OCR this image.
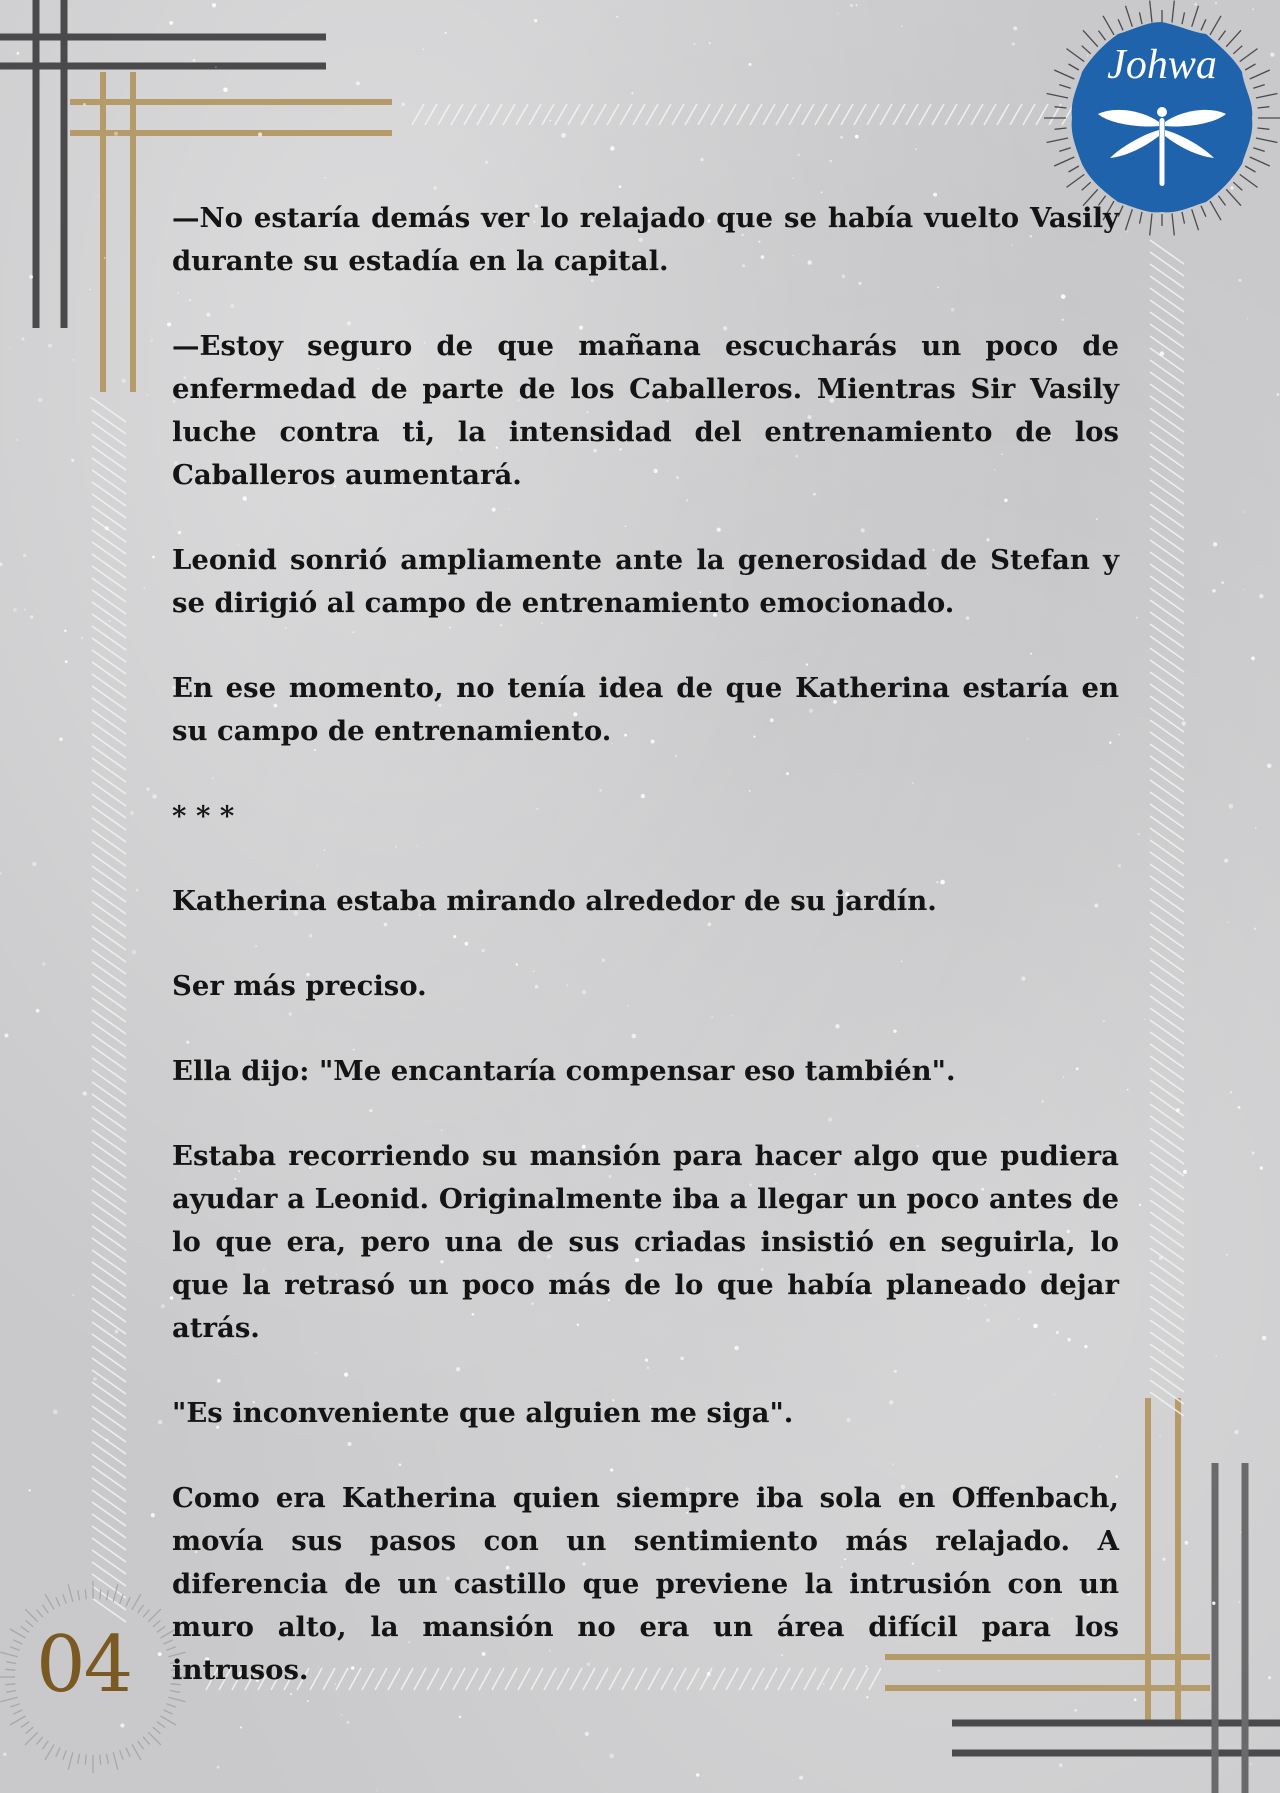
—No estaría demás ver lo relajado que se había vuelto Vasily durante su estadía en la capital.

—Estoy seguro de que mañana escucharás un poco de enfermedad de parte de los Caballeros. Mientras Sir Vasily luche contra ti, la intensidad del entrenamiento de los Caballeros aumentará.

Leonid sonrió ampliamente ante la generosidad de Stefan y se dirigió al campo de entrenamiento emocionado.

En ese momento, no tenía idea de que Katherina estaría en su campo de entrenamiento.

* * *

Katherina estaba mirando alrededor de su jardín.

Ser más preciso.

Ella dijo: "Me encantaría compensar eso también".

Estaba recorriendo su mansión para hacer algo que pudiera ayudar a Leonid. Originalmente iba a llegar un poco antes de lo que era, pero una de sus criadas insistió en seguirla, lo que la retrasó un poco más de lo que había planeado dejar atrás.

"Es inconveniente que alguien me siga".

Como era Katherina quien siempre iba sola en Offenbach, movía sus pasos con un sentimiento más relajado. A diferencia de un castillo que previene la intrusión con un muro alto, la mansión no era un área difícil para los intrusos.

Johwa
04
